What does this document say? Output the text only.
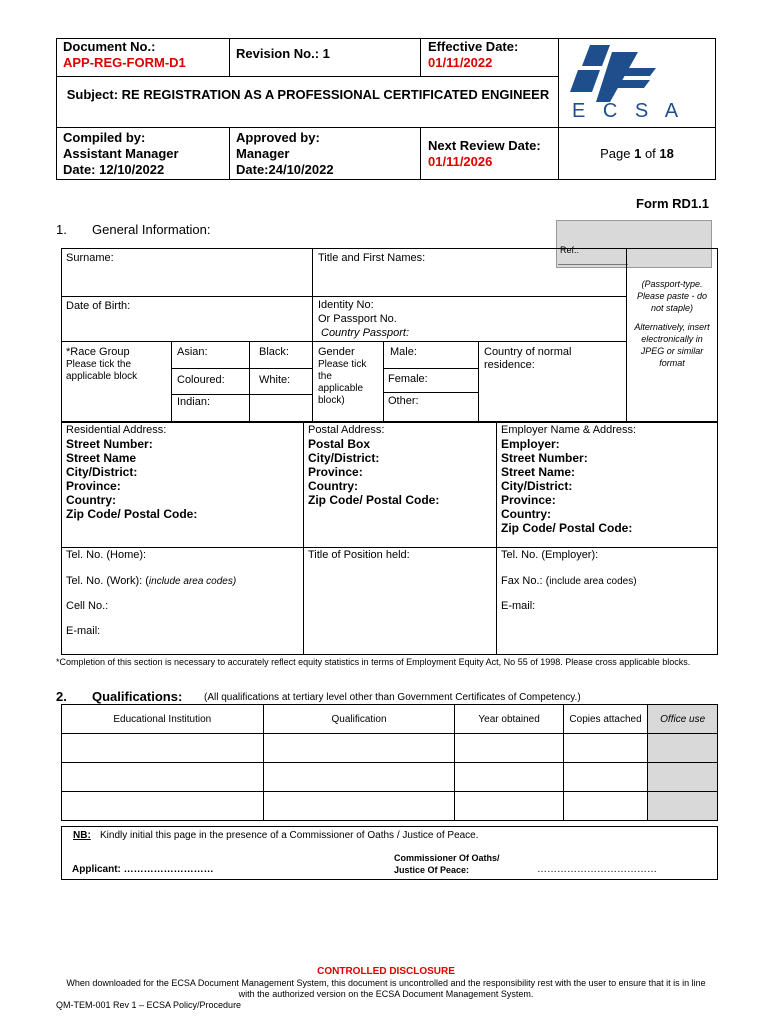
Document No.:
APP-REG-FORM-D1
Revision No.: 1	Effective Date:
01/11/2022
Subject: RE REGISTRATION AS A PROFESSIONAL CERTIFICATED ENGINEER
Compiled by:
Assistant Manager
Date: 12/10/2022
Approved by:
Manager
Date:24/10/2022
Next Review Date:
01/11/2026
Page 1 of 18
E C S A
Form RD1.1
1. General Information:
Ref.:
(Passport-type. Please paste - do not staple)
Alternatively, insert electronically in JPEG or similar format
Surname:	Title and First Names:
Date of Birth:	Identity No:
Or Passport No.
Country Passport:
*Race Group
Please tick the applicable block
Asian:	Black:
Coloured:	White:
Indian:
Gender
Please tick the applicable block)
Male:
Female:
Other:
Country of normal residence:
Residential Address:
Street Number:
Street Name
City/District:
Province:
Country:
Zip Code/ Postal Code:
Postal Address:
Postal Box
City/District:
Province:
Country:
Zip Code/ Postal Code:
Employer Name & Address:
Employer:
Street Number:
Street Name:
City/District:
Province:
Country:
Zip Code/ Postal Code:
Tel. No. (Home):
Tel. No. (Work): (include area codes)
Cell No.:
E-mail:
Title of Position held:	Tel. No. (Employer):
Fax No.: (include area codes)
E-mail:
*Completion of this section is necessary to accurately reflect equity statistics in terms of Employment Equity Act, No 55 of 1998. Please cross applicable blocks.
2. Qualifications: (All qualifications at tertiary level other than Government Certificates of Competency.)
Educational Institution	Qualification	Year obtained	Copies attached	Office use

NB: Kindly initial this page in the presence of a Commissioner of Oaths / Justice of Peace.
Applicant: ………………………
Commissioner Of Oaths/ Justice Of Peace:	………………………………
CONTROLLED DISCLOSURE
When downloaded for the ECSA Document Management System, this document is uncontrolled and the responsibility rest with the user to ensure that it is in line with the authorized version on the ECSA Document Management System.
QM-TEM-001 Rev 1 – ECSA Policy/Procedure
